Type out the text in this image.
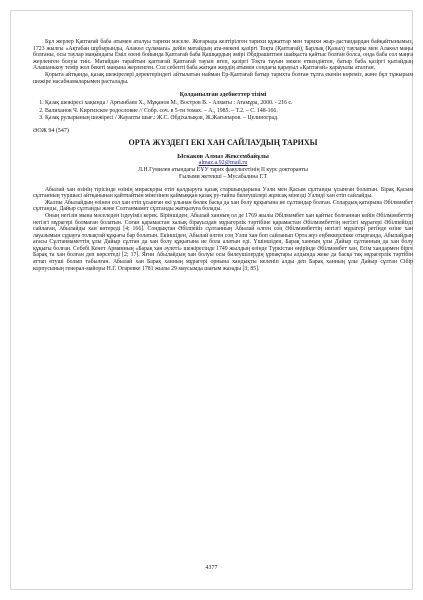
Бұл жерлер Қаптағай баба атымен аталуы тарихи мәселе. Жоғарыда келтірілген тарихи құжаттар мен тарихи жыр-дастандардан байқайтынымыз, 1723 жылғы «Ақтабан шұбырынды, Алакөл сұламаға» дейін матайдың ата-мекені қазіргі Тоқта (Қаптағай), Барлық (Қазыл) таулары мен Алакөл маңы болғаны, осы таулар маңындағы Еміл өзені бойында Қаптағай баба Қашқардың әмірі Әбдірашитпен шайқаста қайтыс болған болса, онда баба сол маңға жерленген болуы тиіс. Матайдан тарайтын қаптағай Қаптағай тауын игеп, қазіргі Тоқта тауын мекен еткендіктен, батыр баба қазіргі қытайдың Алашанькоу темір жол бекеті маңына жерленген. Сол себепті баба жатқан жердің атымен сондағы қарауыл «Қаптағай» қарауылы аталған.

Қорыта айтқанда, қазақ шежірелері деректеріндегі айтылатын найман Ер-Қаптағай батыр тарихта болған тұлға екенін көреміз, және бұл тұжырым шежіре насабнамаларымен расталады.

Қолданылған әдебиеттер тізімі
1. Қазақ шежіресі хақында / Арғынбаев Х., Мұқанов М., Востров В. - Алматы : Атамұра, 2000. - 216 с.
2. Валиханов Ч. Киргизское родословие // Собр. соч. в 5-ти томах. – А., 1985. – Т.2. – С. 148-166.
3. Қазақ рулырының шежіресі / Жауапты шығ.: Ж.С. Әбдіхалықов, Ж.Жағыпаров. – Целиноград.
ӘОЖ 94 (547)
ОРТА ЖҮЗДЕГІ ЕКІ ХАН САЙЛАУДЫҢ ТАРИХЫ
Ыскаков Алмаз Жексембайұлы
almaz.a.92@mail.ru
Л.Н.Гумилев атындағы ЕҰУ тарих факультетінің II курс докторанты
Ғылыми жетекші – Мусабалина Г.Т

Абылай хан өзінің тірісінде өзінің мирасқоры етіп қалдыруға қазақ старшындарына Уәли мен Қасым сұлтанды ұсынған болатын. Бірақ Қасым сұлтанның туршысі айтқанынан қайтпайтын мінезінен қаймыққан қазақ ру-тайпа билеушілері жұмсақ мінезді Уәлиді хан етіп сайлайды.

Жалпы Абылайдың өзінен сол хан етіп ұсынған екі ұлынан бөлек басқа да хан болу құқығына ие сұлтандар болған. Солардың қатарына Әбілмәмбет сұлтанды, Дайыр сұлтанды және Солтанмамет сұлтанды жатқызуға болады.

Оның негізін мына мәселеден іздеуіміз керек. Біріншіден, Абылай ханның ол де 1769 жылы Әбілмәмбет хан қайтыс болғаннан кейін Әбілмәмбеттің негізгі мұрагері болмаған болатын. Соған қарамастан халық бірауыздан мұрагерлік тәртібіне қарамастан Әбілмәмбеттің негізгі мұрагері Әбілпейізді сайлаған, Абылайды хан көтереді [4; 166]. Сондықтан Әбілпейіз сұлтанның Абылай өлген соң Әбілмәмбеттің негізгі мұрагері ретінде өзіне хан лауазымын сұрауға толықтай құқығы бар болатын. Екіншіден, Абылай өлген соң Уәли хан боп сайланып Орта жүз еңбеккерлікке отырғанда, Абылайдың ағасы Сұлтанмаметтің ұлы Дайыр сұлтан да хан болу құқығына ие бола алатын еді. Үшіншіден, Барақ ханның ұлы Дайыр сұлтанның да хан болу құқығы болған. Себебі Кенет Армянның «Барақ хан әулеті» шежіресінде 1749 жылдың өзінде Түркістан өңірінде Әбілмәмбет хан, Есім хандармен бірге Барақ та хан болған деп көрсетеді [2; 17]. Яғни Абылайдың хан болуы осы билеушілердің ұрпақтары алдында жеке да басқа тақ мұрагерлік тәртібін аттап өтуші болып табылған. Абылай хан Барақ ханның мұрагері орнына хандықты иеленіп алды деп Барақ ханның ұлы Дайыр сұлтан Сібір корпусының генерал-майоры Н.Г. Огаревке 1781 жылы 29 маусымда шағым жазады [3; 85].

4377
